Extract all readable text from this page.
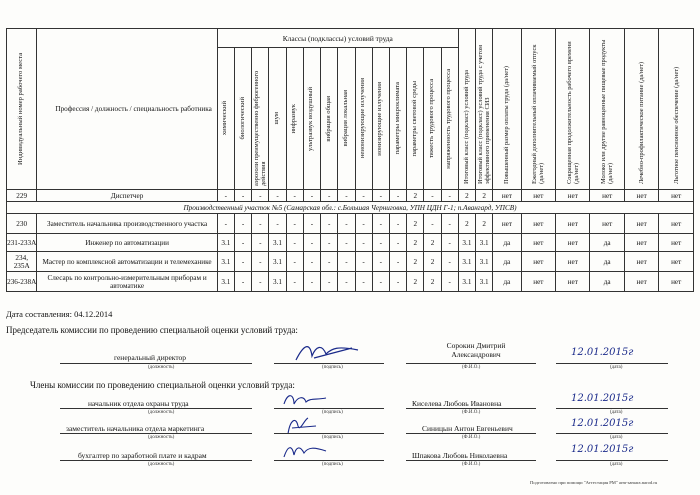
Индивидуальный номер рабочего места	Профессия / должность / специальность работника	Классы (подклассы) условий труда														Итоговый класс (подкласс) условий труда	Итоговый класс (подкласс) условий труда с учетом эффективного применения СИЗ	Повышенный размер оплаты труда (да/нет)	Ежегодный дополнительный оплачиваемый отпуск (да/нет)	Сокращенная продолжительность рабочего времени (да/нет)	Молоко или другие равноценные пищевые продукты (да/нет)	Лечебно-профилактическое питание (да/нет)	Льготное пенсионное обеспечение (да/нет)

		химический	биологический	аэрозоли преимущественно фиброгенного действия	шум	инфразвук	ультразвук воздушный	вибрация общая	вибрация локальная	неионизирующие излучения	ионизирующие излучения	параметры микроклимата	параметры световой среды	тяжесть трудового процесса	напряженность трудового процесса								

229	Диспетчер	-	-	-	-	-	-	-	-	-	-	-	2	-	-	2	2	нет	нет	нет	нет	нет	нет
Производственный участок №5 (Самарская обл.: с.Большая Черниговка, УПН ЦДН Г-1; п.Авангард, УПСВ)																							
230	Заместитель начальника производственного участка	-	-	-	-	-	-	-	-	-	-	-	2	-	-	2	2	нет	нет	нет	нет	нет	нет
231-233А	Инженер по автоматизации	3.1	-	-	3.1	-	-	-	-	-	-	-	2	2	-	3.1	3.1	да	нет	нет	да	нет	нет
234, 235А	Мастер по комплексной автоматизации и телемеханике	3.1	-	-	3.1	-	-	-	-	-	-	-	2	2	-	3.1	3.1	да	нет	нет	да	нет	нет
236-238А	Слесарь по контрольно-измерительным приборам и автоматике	3.1	-	-	3.1	-	-	-	-	-	-	-	2	2	-	3.1	3.1	да	нет	нет	да	нет	нет
Дата составления: 04.12.2014
Председатель комиссии по проведению специальной оценки условий труда:
генеральный директор
(должность)	(подпись)
Сорокин Дмитрий Александрович
(Ф.И.О.)
12.01.2015г
(дата)
Члены комиссии по проведению специальной оценки условий труда:
начальник отдела охраны труда
(должность)	(подпись)
Киселева Любовь Ивановна
(Ф.И.О.)
12.01.2015г
(дата)
заместитель начальника отдела маркетинга
(должность)	(подпись)
Синицын Антон Евгеньевич
(Ф.И.О.)
12.01.2015г
(дата)
бухгалтер по заработной плате и кадрам
(должность)	(подпись)
Шпакова Любовь Николаевна
(Ф.И.О.)
12.01.2015г
(дата)
Подготовлено при помощи "Аттестация РМ" arm-samara.narod.ru
